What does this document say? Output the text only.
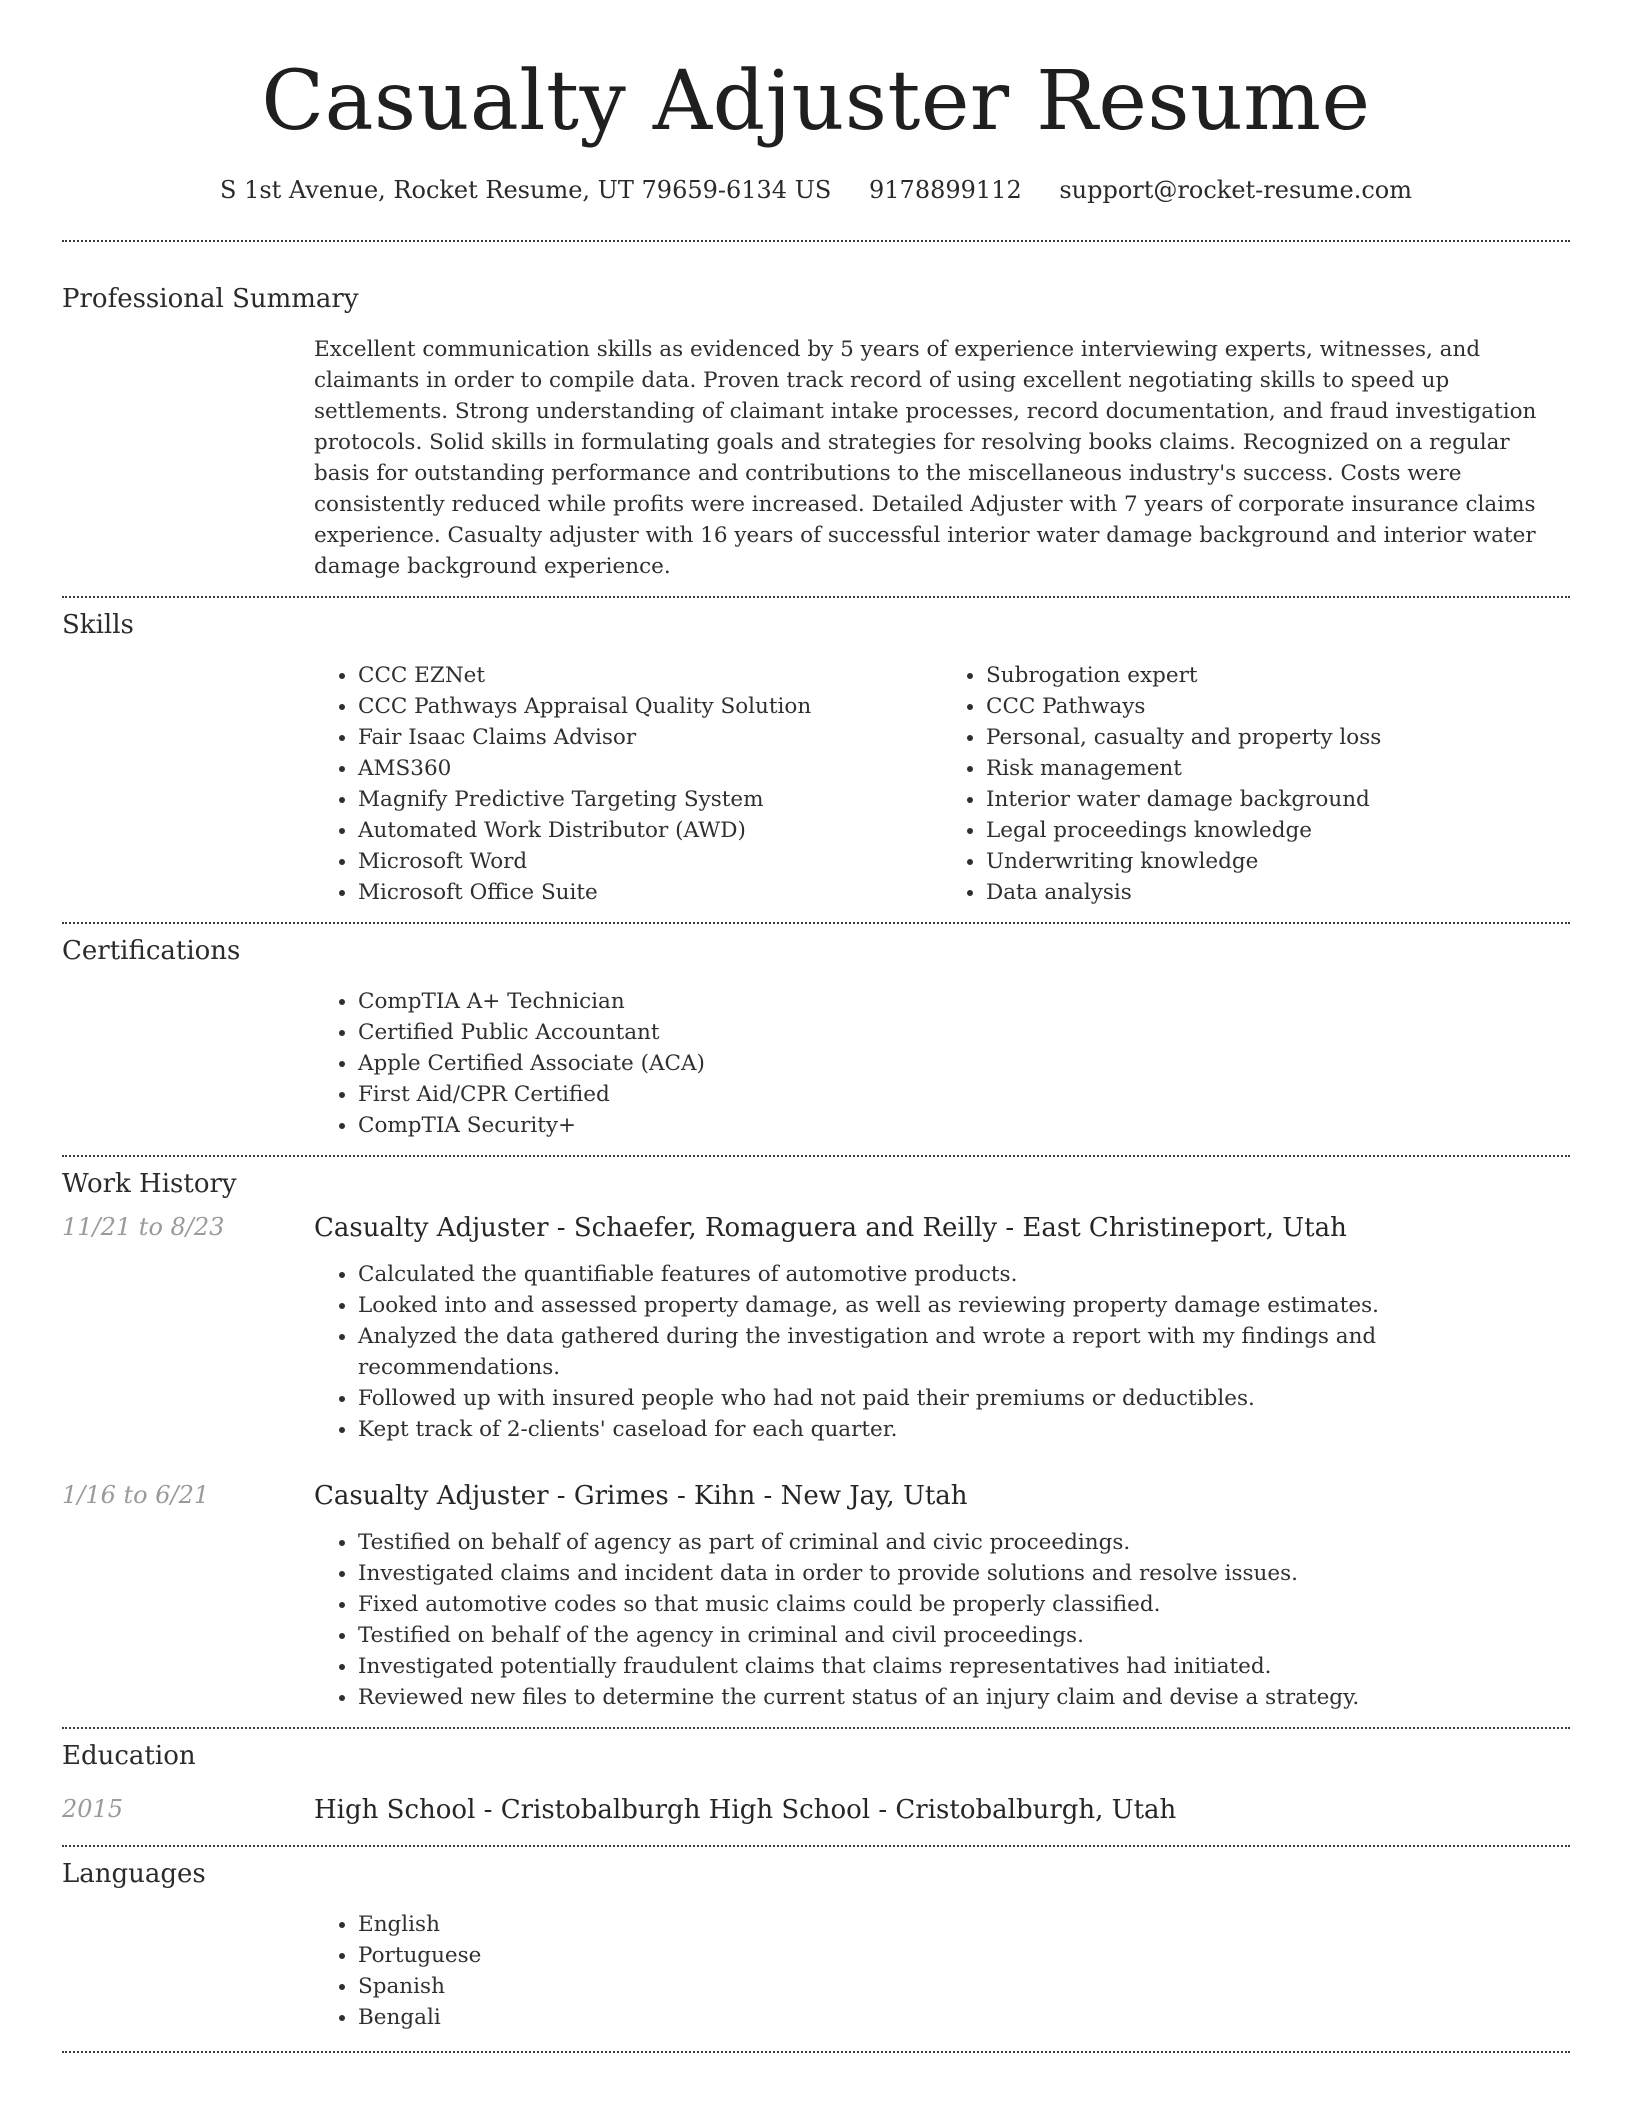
Casualty Adjuster Resume
S 1st Avenue, Rocket Resume, UT 79659-6134 US 9178899112 support@rocket-resume.com
Professional Summary

Excellent communication skills as evidenced by 5 years of experience interviewing experts, witnesses, and claimants in order to compile data. Proven track record of using excellent negotiating skills to speed up settlements. Strong understanding of claimant intake processes, record documentation, and fraud investigation protocols. Solid skills in formulating goals and strategies for resolving books claims. Recognized on a regular basis for outstanding performance and contributions to the miscellaneous industry's success. Costs were consistently reduced while profits were increased. Detailed Adjuster with 7 years of corporate insurance claims experience. Casualty adjuster with 16 years of successful interior water damage background and interior water damage background experience.

Skills
• CCC EZNet
• CCC Pathways Appraisal Quality Solution
• Fair Isaac Claims Advisor
• AMS360
• Magnify Predictive Targeting System
• Automated Work Distributor (AWD)
• Microsoft Word
• Microsoft Office Suite
• Subrogation expert
• CCC Pathways
• Personal, casualty and property loss
• Risk management
• Interior water damage background
• Legal proceedings knowledge
• Underwriting knowledge
• Data analysis
Certifications
• CompTIA A+ Technician
• Certified Public Accountant
• Apple Certified Associate (ACA)
• First Aid/CPR Certified
• CompTIA Security+
Work History
11/21 to 8/23	Casualty Adjuster - Schaefer, Romaguera and Reilly - East Christineport, Utah
• Calculated the quantifiable features of automotive products.
• Looked into and assessed property damage, as well as reviewing property damage estimates.
• Analyzed the data gathered during the investigation and wrote a report with my findings and recommendations.
• Followed up with insured people who had not paid their premiums or deductibles.
• Kept track of 2-clients' caseload for each quarter.
1/16 to 6/21	Casualty Adjuster - Grimes - Kihn - New Jay, Utah
• Testified on behalf of agency as part of criminal and civic proceedings.
• Investigated claims and incident data in order to provide solutions and resolve issues.
• Fixed automotive codes so that music claims could be properly classified.
• Testified on behalf of the agency in criminal and civil proceedings.
• Investigated potentially fraudulent claims that claims representatives had initiated.
• Reviewed new files to determine the current status of an injury claim and devise a strategy.
Education
2015	High School - Cristobalburgh High School - Cristobalburgh, Utah
Languages
• English
• Portuguese
• Spanish
• Bengali
